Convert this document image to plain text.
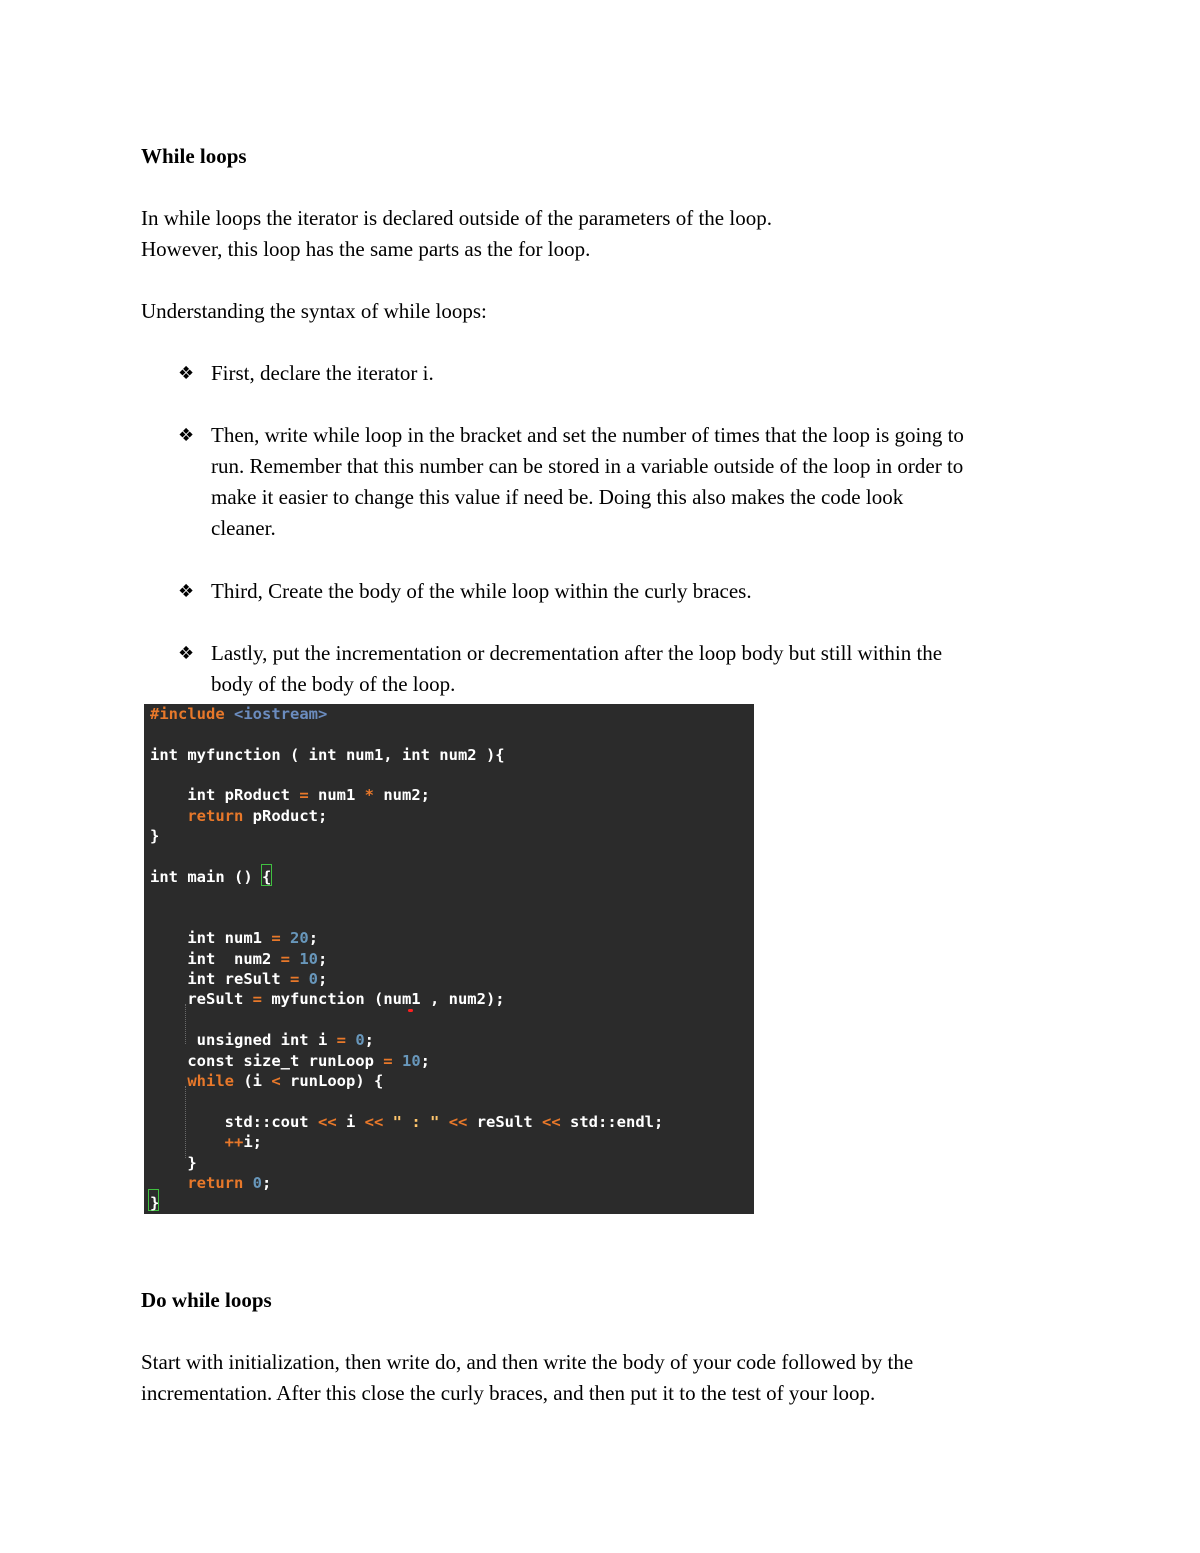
While loops
In while loops the iterator is declared outside of the parameters of the loop.
However, this loop has the same parts as the for loop.
Understanding the syntax of while loops:
❖ First, declare the iterator i.
❖ Then, write while loop in the bracket and set the number of times that the loop is going to
run. Remember that this number can be stored in a variable outside of the loop in order to
make it easier to change this value if need be. Doing this also makes the code look
cleaner.
❖ Third, Create the body of the while loop within the curly braces.
❖ Lastly, put the incrementation or decrementation after the loop body but still within the
body of the body of the loop.
#include <iostream>
int myfunction ( int num1, int num2 ){
int pRoduct = num1 * num2;
return pRoduct;
}
int main () {
int num1 = 20;
int  num2 = 10;
int reSult = 0;
reSult = myfunction (num1 , num2);
unsigned int i = 0;
const size_t runLoop = 10;
while (i < runLoop) {
std::cout << i << " : " << reSult << std::endl;
++i;
}
return 0;
}
Do while loops
Start with initialization, then write do, and then write the body of your code followed by the
incrementation. After this close the curly braces, and then put it to the test of your loop.
